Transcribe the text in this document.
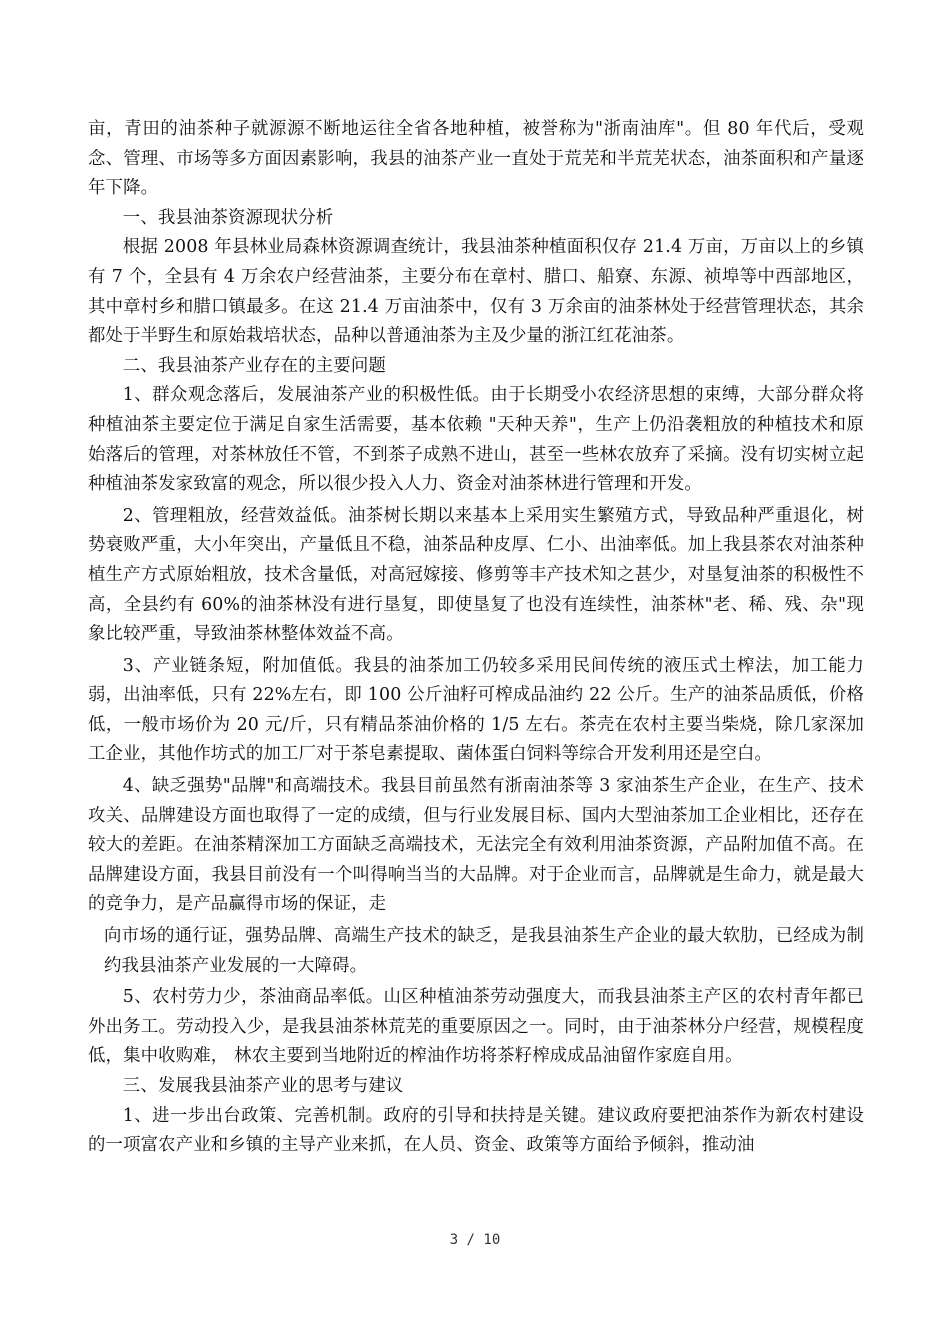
亩，青田的油茶种子就源源不断地运往全省各地种植，被誉称为"浙南油库"。但 80 年代后，受观念、管理、市场等多方面因素影响，我县的油茶产业一直处于荒芜和半荒芜状态，油茶面积和产量逐年下降。

一、我县油茶资源现状分析

根据 2008 年县林业局森林资源调查统计，我县油茶种植面积仅存 21.4 万亩，万亩以上的乡镇有 7 个，全县有 4 万余农户经营油茶，主要分布在章村、腊口、船寮、东源、祯埠等中西部地区，其中章村乡和腊口镇最多。在这 21.4 万亩油茶中，仅有 3 万余亩的油茶林处于经营管理状态，其余都处于半野生和原始栽培状态，品种以普通油茶为主及少量的浙江红花油茶。

二、我县油茶产业存在的主要问题

1、群众观念落后，发展油茶产业的积极性低。由于长期受小农经济思想的束缚，大部分群众将种植油茶主要定位于满足自家生活需要，基本依赖 "天种天养"，生产上仍沿袭粗放的种植技术和原始落后的管理，对茶林放任不管，不到茶子成熟不进山，甚至一些林农放弃了采摘。没有切实树立起种植油茶发家致富的观念，所以很少投入人力、资金对油茶林进行管理和开发。

2、管理粗放，经营效益低。油茶树长期以来基本上采用实生繁殖方式，导致品种严重退化，树势衰败严重，大小年突出，产量低且不稳，油茶品种皮厚、仁小、出油率低。加上我县茶农对油茶种植生产方式原始粗放，技术含量低，对高冠嫁接、修剪等丰产技术知之甚少，对垦复油茶的积极性不高，全县约有 60%的油茶林没有进行垦复，即使垦复了也没有连续性，油茶林"老、稀、残、杂"现象比较严重，导致油茶林整体效益不高。

3、产业链条短，附加值低。我县的油茶加工仍较多采用民间传统的液压式土榨法，加工能力弱，出油率低，只有 22%左右，即 100 公斤油籽可榨成品油约 22 公斤。生产的油茶品质低，价格低，一般市场价为 20 元/斤，只有精品茶油价格的 1/5 左右。茶壳在农村主要当柴烧，除几家深加工企业，其他作坊式的加工厂对于茶皂素提取、菌体蛋白饲料等综合开发利用还是空白。

4、缺乏强势"品牌"和高端技术。我县目前虽然有浙南油茶等 3 家油茶生产企业，在生产、技术攻关、品牌建设方面也取得了一定的成绩，但与行业发展目标、国内大型油茶加工企业相比，还存在较大的差距。在油茶精深加工方面缺乏高端技术，无法完全有效利用油茶资源，产品附加值不高。在品牌建设方面，我县目前没有一个叫得响当当的大品牌。对于企业而言，品牌就是生命力，就是最大的竞争力，是产品赢得市场的保证，走

向市场的通行证，强势品牌、高端生产技术的缺乏，是我县油茶生产企业的最大软肋，已经成为制约我县油茶产业发展的一大障碍。

5、农村劳力少，茶油商品率低。山区种植油茶劳动强度大，而我县油茶主产区的农村青年都已外出务工。劳动投入少，是我县油茶林荒芜的重要原因之一。同时，由于油茶林分户经营，规模程度低，集中收购难， 林农主要到当地附近的榨油作坊将茶籽榨成成品油留作家庭自用。

三、发展我县油茶产业的思考与建议

1、进一步出台政策、完善机制。政府的引导和扶持是关键。建议政府要把油茶作为新农村建设的一项富农产业和乡镇的主导产业来抓，在人员、资金、政策等方面给予倾斜，推动油

3 / 10
